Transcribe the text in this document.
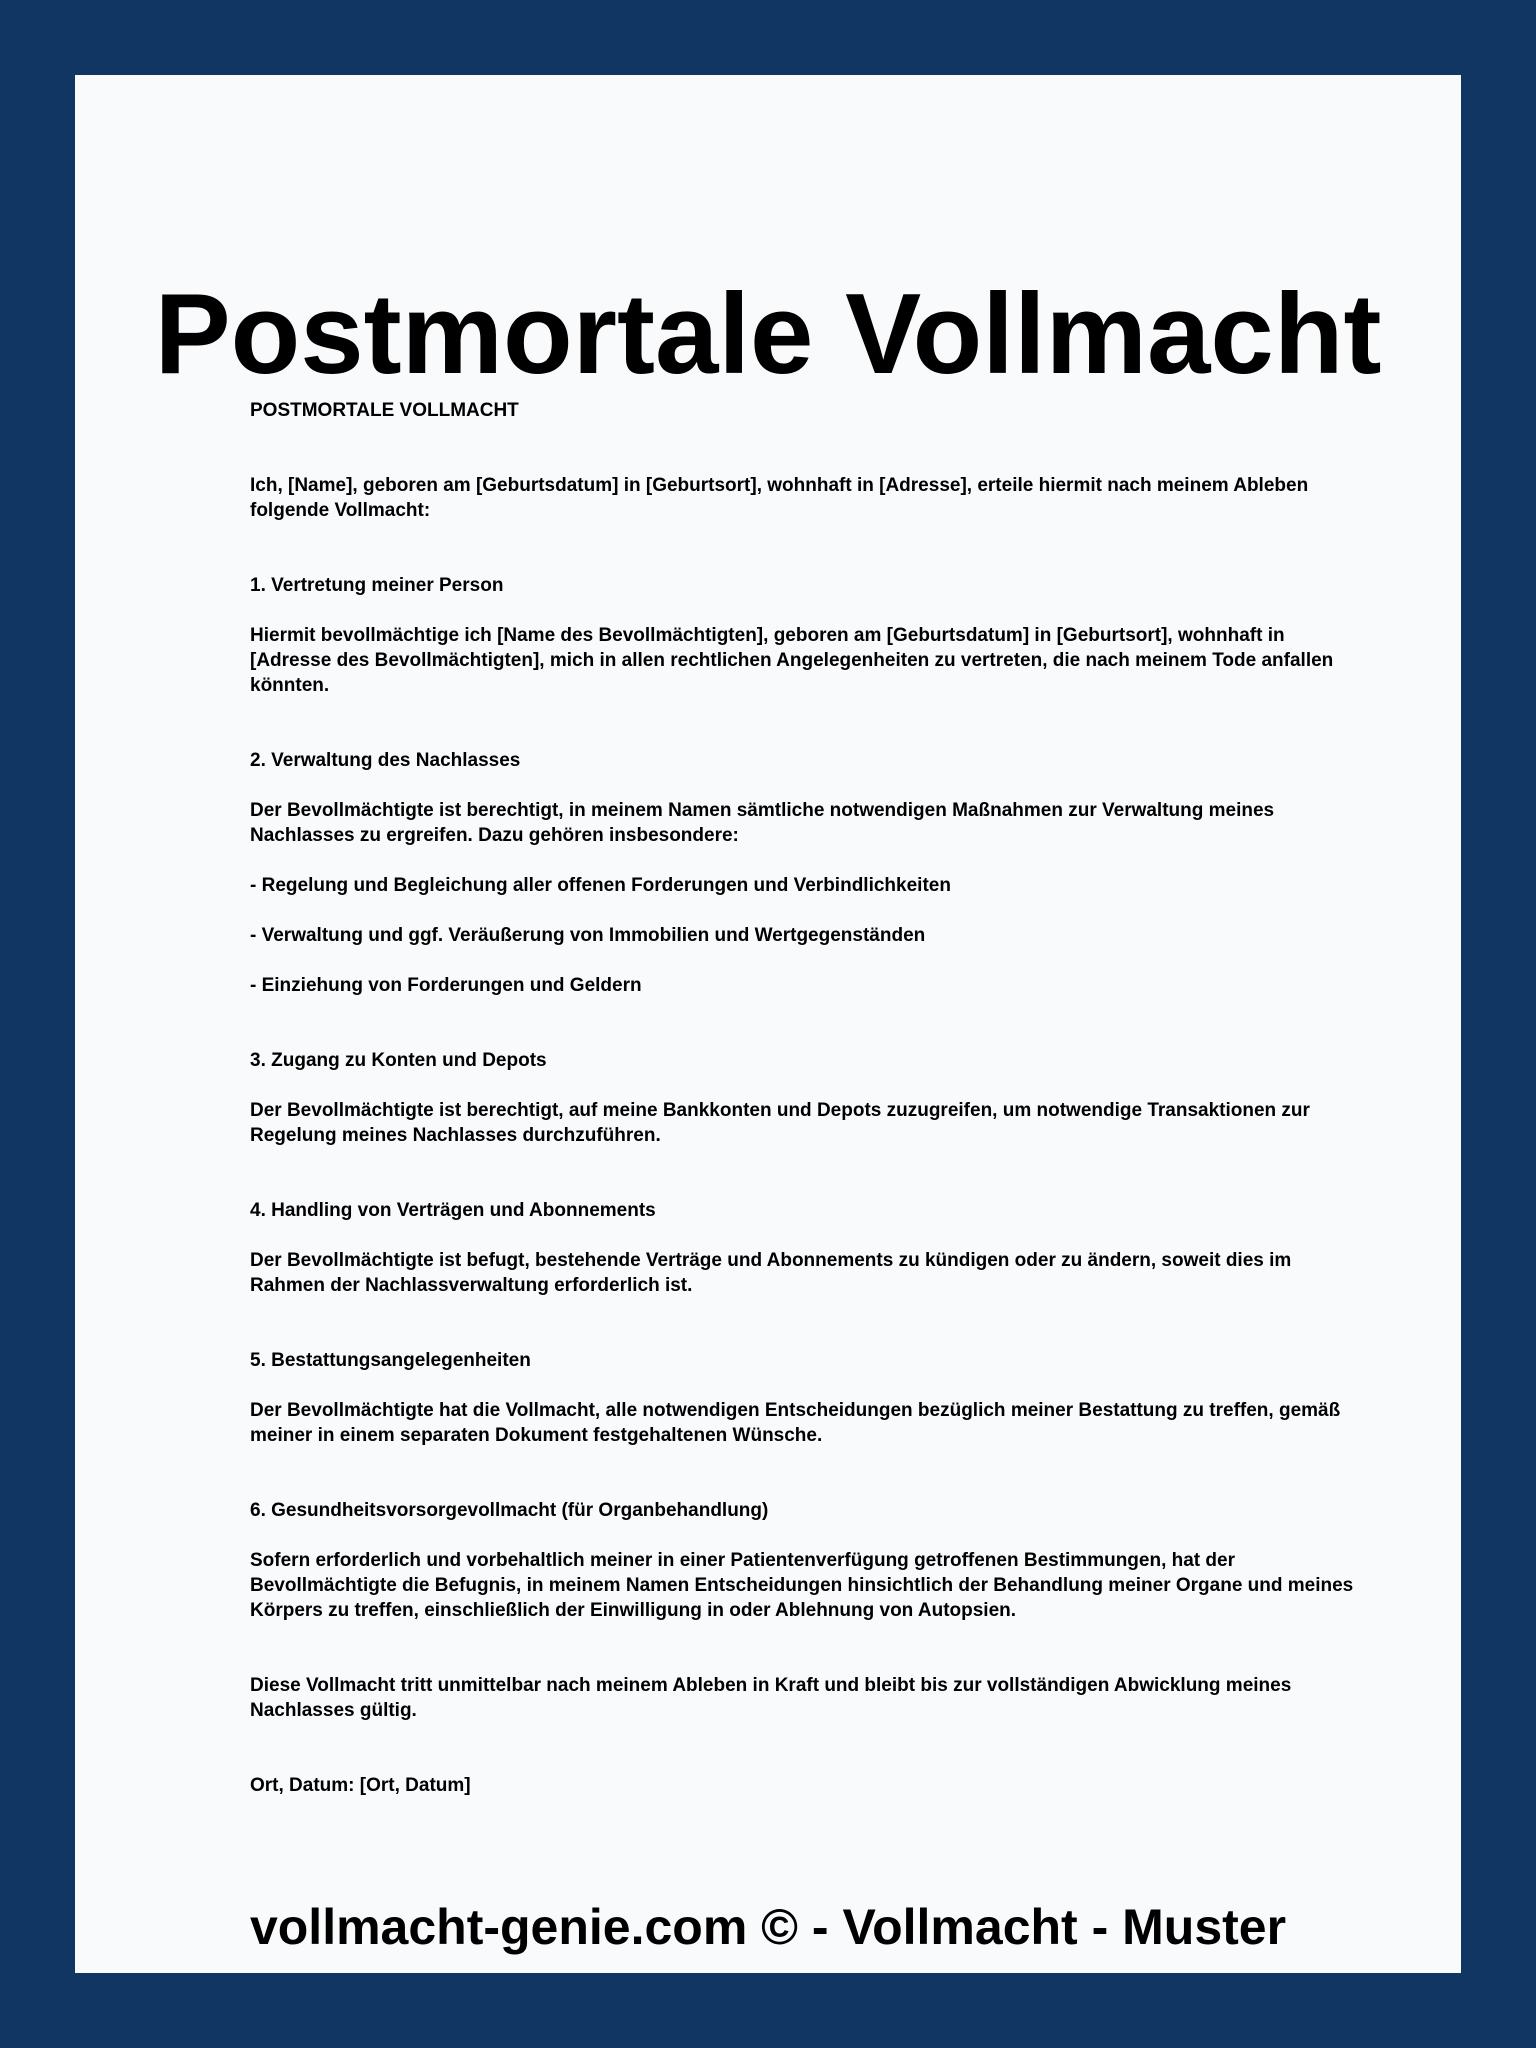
Postmortale Vollmacht

POSTMORTALE VOLLMACHT

Ich, [Name], geboren am [Geburtsdatum] in [Geburtsort], wohnhaft in [Adresse], erteile hiermit nach meinem Ableben folgende Vollmacht:

1. Vertretung meiner Person

Hiermit bevollmächtige ich [Name des Bevollmächtigten], geboren am [Geburtsdatum] in [Geburtsort], wohnhaft in [Adresse des Bevollmächtigten], mich in allen rechtlichen Angelegenheiten zu vertreten, die nach meinem Tode anfallen könnten.

2. Verwaltung des Nachlasses

Der Bevollmächtigte ist berechtigt, in meinem Namen sämtliche notwendigen Maßnahmen zur Verwaltung meines Nachlasses zu ergreifen. Dazu gehören insbesondere:

- Regelung und Begleichung aller offenen Forderungen und Verbindlichkeiten

- Verwaltung und ggf. Veräußerung von Immobilien und Wertgegenständen

- Einziehung von Forderungen und Geldern

3. Zugang zu Konten und Depots

Der Bevollmächtigte ist berechtigt, auf meine Bankkonten und Depots zuzugreifen, um notwendige Transaktionen zur Regelung meines Nachlasses durchzuführen.

4. Handling von Verträgen und Abonnements

Der Bevollmächtigte ist befugt, bestehende Verträge und Abonnements zu kündigen oder zu ändern, soweit dies im Rahmen der Nachlassverwaltung erforderlich ist.

5. Bestattungsangelegenheiten

Der Bevollmächtigte hat die Vollmacht, alle notwendigen Entscheidungen bezüglich meiner Bestattung zu treffen, gemäß meiner in einem separaten Dokument festgehaltenen Wünsche.

6. Gesundheitsvorsorgevollmacht (für Organbehandlung)

Sofern erforderlich und vorbehaltlich meiner in einer Patientenverfügung getroffenen Bestimmungen, hat der Bevollmächtigte die Befugnis, in meinem Namen Entscheidungen hinsichtlich der Behandlung meiner Organe und meines Körpers zu treffen, einschließlich der Einwilligung in oder Ablehnung von Autopsien.

Diese Vollmacht tritt unmittelbar nach meinem Ableben in Kraft und bleibt bis zur vollständigen Abwicklung meines Nachlasses gültig.

Ort, Datum: [Ort, Datum]

vollmacht-genie.com © - Vollmacht - Muster
